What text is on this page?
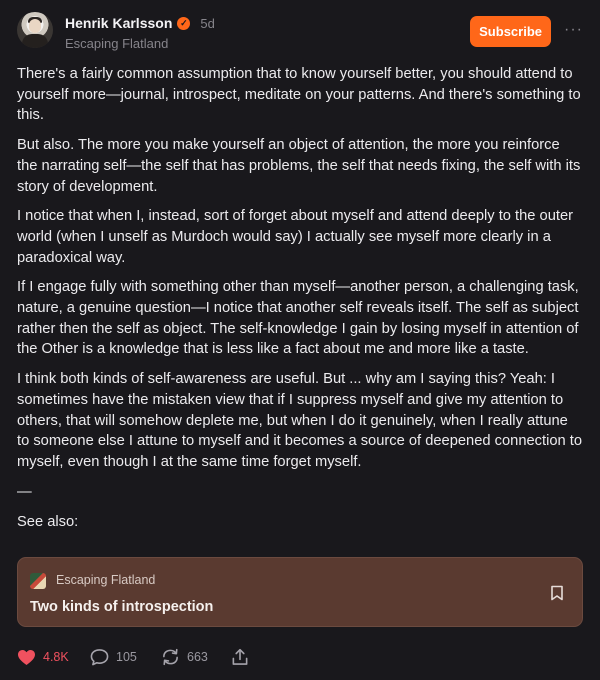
Henrik Karlsson ✓ 5d
Escaping Flatland
Subscribe	···

There's a fairly common assumption that to know yourself better, you should attend to yourself more—journal, introspect, meditate on your patterns. And there's something to this.

But also. The more you make yourself an object of attention, the more you reinforce the narrating self—the self that has problems, the self that needs fixing, the self with its story of development.

I notice that when I, instead, sort of forget about myself and attend deeply to the outer world (when I unself as Murdoch would say) I actually see myself more clearly in a paradoxical way.

If I engage fully with something other than myself—another person, a challenging task, nature, a genuine question—I notice that another self reveals itself. The self as subject rather then the self as object. The self-knowledge I gain by losing myself in attention of the Other is a knowledge that is less like a fact about me and more like a taste.

I think both kinds of self-awareness are useful. But ... why am I saying this? Yeah: I sometimes have the mistaken view that if I suppress myself and give my attention to others, that will somehow deplete me, but when I do it genuinely, when I really attune to someone else I attune to myself and it becomes a source of deepened connection to myself, even though I at the same time forget myself.

—

See also:

Escaping Flatland
Two kinds of introspection
4.8K	105	663
